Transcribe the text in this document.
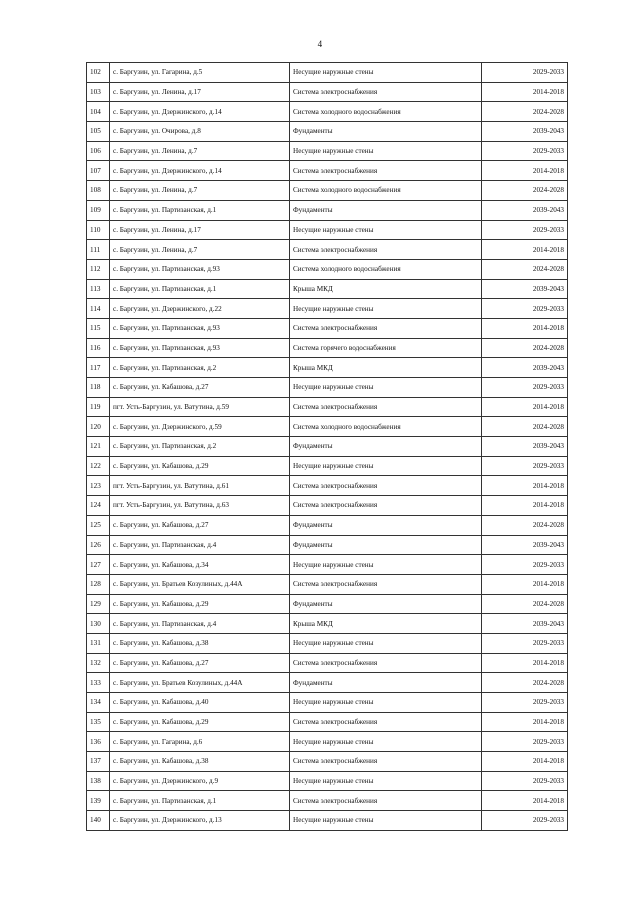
4
102	с. Баргузин, ул. Гагарина, д.5	Несущие наружные стены	2029-2033
103	с. Баргузин, ул. Ленина, д.17	Система электроснабжения	2014-2018
104	с. Баргузин, ул. Дзержинского, д.14	Система холодного водоснабжения	2024-2028
105	с. Баргузин, ул. Очирова, д.8	Фундаменты	2039-2043
106	с. Баргузин, ул. Ленина, д.7	Несущие наружные стены	2029-2033
107	с. Баргузин, ул. Дзержинского, д.14	Система электроснабжения	2014-2018
108	с. Баргузин, ул. Ленина, д.7	Система холодного водоснабжения	2024-2028
109	с. Баргузин, ул. Партизанская, д.1	Фундаменты	2039-2043
110	с. Баргузин, ул. Ленина, д.17	Несущие наружные стены	2029-2033
111	с. Баргузин, ул. Ленина, д.7	Система электроснабжения	2014-2018
112	с. Баргузин, ул. Партизанская, д.93	Система холодного водоснабжения	2024-2028
113	с. Баргузин, ул. Партизанская, д.1	Крыша МКД	2039-2043
114	с. Баргузин, ул. Дзержинского, д.22	Несущие наружные стены	2029-2033
115	с. Баргузин, ул. Партизанская, д.93	Система электроснабжения	2014-2018
116	с. Баргузин, ул. Партизанская, д.93	Система горячего водоснабжения	2024-2028
117	с. Баргузин, ул. Партизанская, д.2	Крыша МКД	2039-2043
118	с. Баргузин, ул. Кабашова, д.27	Несущие наружные стены	2029-2033
119	пгт. Усть-Баргузин, ул. Ватутина, д.59	Система электроснабжения	2014-2018
120	с. Баргузин, ул. Дзержинского, д.59	Система холодного водоснабжения	2024-2028
121	с. Баргузин, ул. Партизанская, д.2	Фундаменты	2039-2043
122	с. Баргузин, ул. Кабашова, д.29	Несущие наружные стены	2029-2033
123	пгт. Усть-Баргузин, ул. Ватутина, д.61	Система электроснабжения	2014-2018
124	пгт. Усть-Баргузин, ул. Ватутина, д.63	Система электроснабжения	2014-2018
125	с. Баргузин, ул. Кабашова, д.27	Фундаменты	2024-2028
126	с. Баргузин, ул. Партизанская, д.4	Фундаменты	2039-2043
127	с. Баргузин, ул. Кабашова, д.34	Несущие наружные стены	2029-2033
128	с. Баргузин, ул. Братьев Козулиных, д.44А	Система электроснабжения	2014-2018
129	с. Баргузин, ул. Кабашова, д.29	Фундаменты	2024-2028
130	с. Баргузин, ул. Партизанская, д.4	Крыша МКД	2039-2043
131	с. Баргузин, ул. Кабашова, д.38	Несущие наружные стены	2029-2033
132	с. Баргузин, ул. Кабашова, д.27	Система электроснабжения	2014-2018
133	с. Баргузин, ул. Братьев Козулиных, д.44А	Фундаменты	2024-2028
134	с. Баргузин, ул. Кабашова, д.40	Несущие наружные стены	2029-2033
135	с. Баргузин, ул. Кабашова, д.29	Система электроснабжения	2014-2018
136	с. Баргузин, ул. Гагарина, д.6	Несущие наружные стены	2029-2033
137	с. Баргузин, ул. Кабашова, д.38	Система электроснабжения	2014-2018
138	с. Баргузин, ул. Дзержинского, д.9	Несущие наружные стены	2029-2033
139	с. Баргузин, ул. Партизанская, д.1	Система электроснабжения	2014-2018
140	с. Баргузин, ул. Дзержинского, д.13	Несущие наружные стены	2029-2033
